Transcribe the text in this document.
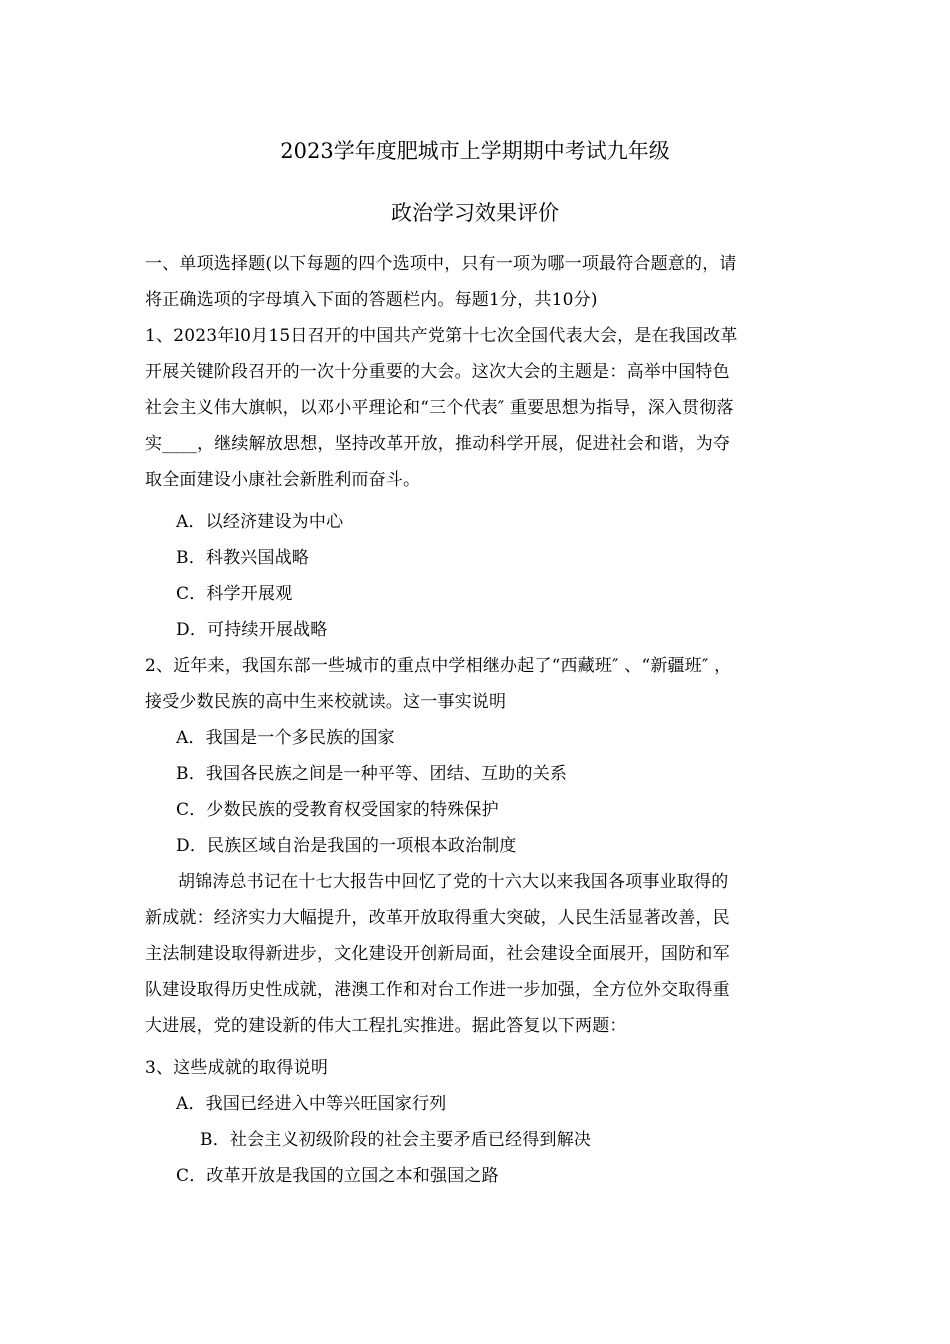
2023学年度肥城市上学期期中考试九年级
政治学习效果评价
一、单项选择题(以下每题的四个选项中，只有一项为哪一项最符合题意的，请
将正确选项的字母填入下面的答题栏内。每题1分，共10分)
1、2023年l0月15日召开的中国共产党第十七次全国代表大会，是在我国改革
开展关键阶段召开的一次十分重要的大会。这次大会的主题是：高举中国特色
社会主义伟大旗帜，以邓小平理论和“三个代表″ 重要思想为指导，深入贯彻落
实____，继续解放思想，坚持改革开放，推动科学开展，促进社会和谐，为夺
取全面建设小康社会新胜利而奋斗。
A．以经济建设为中心
B．科教兴国战略
C．科学开展观
D．可持续开展战略
2、近年来，我国东部一些城市的重点中学相继办起了“西藏班″ 、“新疆班″ ，
接受少数民族的高中生来校就读。这一事实说明
A．我国是一个多民族的国家
B．我国各民族之间是一种平等、团结、互助的关系
C．少数民族的受教育权受国家的特殊保护
D．民族区域自治是我国的一项根本政治制度
胡锦涛总书记在十七大报告中回忆了党的十六大以来我国各项事业取得的
新成就：经济实力大幅提升，改革开放取得重大突破，人民生活显著改善，民
主法制建设取得新进步，文化建设开创新局面，社会建设全面展开，国防和军
队建设取得历史性成就，港澳工作和对台工作进一步加强，全方位外交取得重
大进展，党的建设新的伟大工程扎实推进。据此答复以下两题：
3、这些成就的取得说明
A．我国已经进入中等兴旺国家行列
B．社会主义初级阶段的社会主要矛盾已经得到解决
C．改革开放是我国的立国之本和强国之路
